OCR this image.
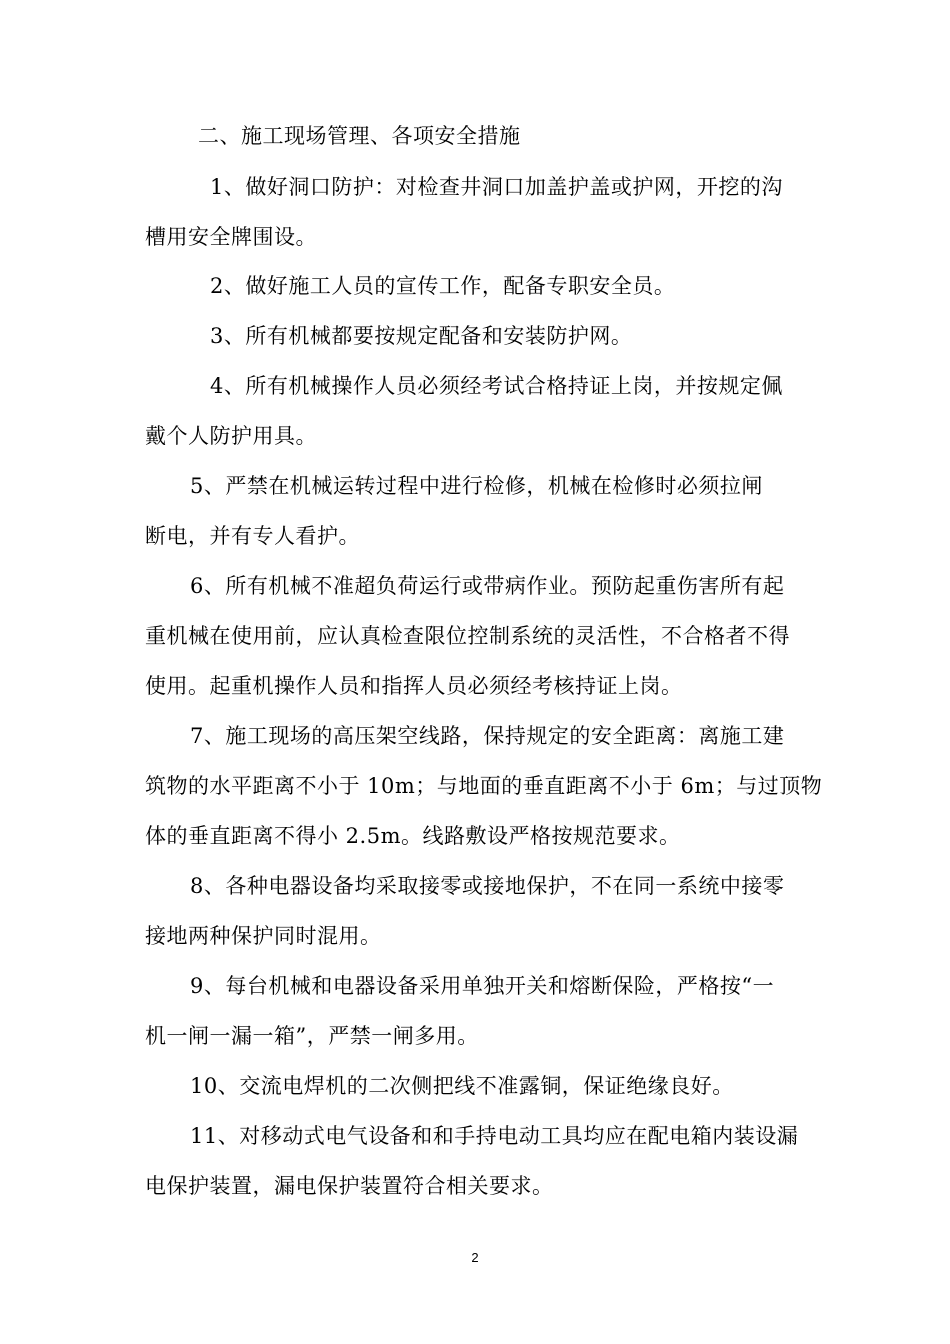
二、施工现场管理、各项安全措施
1、做好洞口防护：对检查井洞口加盖护盖或护网，开挖的沟
槽用安全牌围设。
2、做好施工人员的宣传工作，配备专职安全员。
3、所有机械都要按规定配备和安装防护网。
4、所有机械操作人员必须经考试合格持证上岗，并按规定佩
戴个人防护用具。
5、严禁在机械运转过程中进行检修，机械在检修时必须拉闸
断电，并有专人看护。
6、所有机械不准超负荷运行或带病作业。预防起重伤害所有起
重机械在使用前，应认真检查限位控制系统的灵活性，不合格者不得
使用。起重机操作人员和指挥人员必须经考核持证上岗。
7、施工现场的高压架空线路，保持规定的安全距离：离施工建
筑物的水平距离不小于 10m；与地面的垂直距离不小于 6m；与过顶物
体的垂直距离不得小 2.5m。线路敷设严格按规范要求。
8、各种电器设备均采取接零或接地保护，不在同一系统中接零
接地两种保护同时混用。
9、每台机械和电器设备采用单独开关和熔断保险，严格按“一
机一闸一漏一箱”，严禁一闸多用。
10、交流电焊机的二次侧把线不准露铜，保证绝缘良好。
11、对移动式电气设备和和手持电动工具均应在配电箱内装设漏
电保护装置，漏电保护装置符合相关要求。
2
